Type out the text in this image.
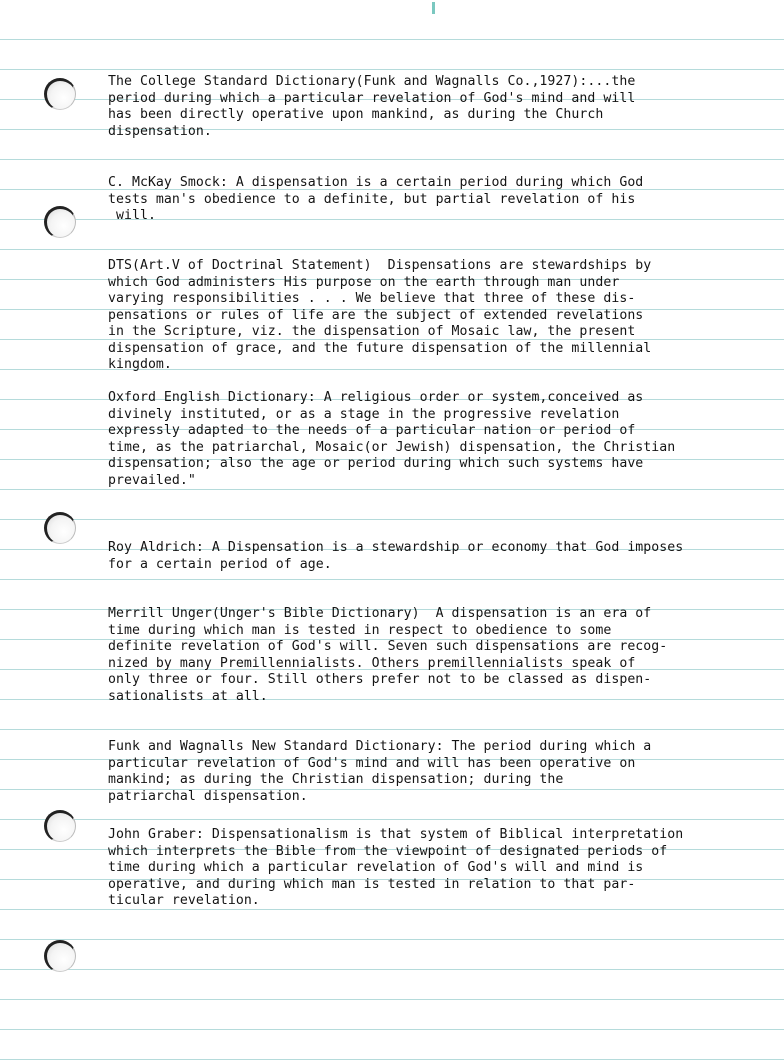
The College Standard Dictionary(Funk and Wagnalls Co.,1927):...the
period during which a particular revelation of God's mind and will
has been directly operative upon mankind, as during the Church
dispensation.
C. McKay Smock: A dispensation is a certain period during which God
tests man's obedience to a definite, but partial revelation of his
will.
DTS(Art.V of Doctrinal Statement)  Dispensations are stewardships by
which God administers His purpose on the earth through man under
varying responsibilities . . . We believe that three of these dis-
pensations or rules of life are the subject of extended revelations
in the Scripture, viz. the dispensation of Mosaic law, the present
dispensation of grace, and the future dispensation of the millennial
kingdom.
Oxford English Dictionary: A religious order or system,conceived as
divinely instituted, or as a stage in the progressive revelation
expressly adapted to the needs of a particular nation or period of
time, as the patriarchal, Mosaic(or Jewish) dispensation, the Christian
dispensation; also the age or period during which such systems have
prevailed."
Roy Aldrich: A Dispensation is a stewardship or economy that God imposes
for a certain period of age.
Merrill Unger(Unger's Bible Dictionary)  A dispensation is an era of
time during which man is tested in respect to obedience to some
definite revelation of God's will. Seven such dispensations are recog-
nized by many Premillennialists. Others premillennialists speak of
only three or four. Still others prefer not to be classed as dispen-
sationalists at all.
Funk and Wagnalls New Standard Dictionary: The period during which a
particular revelation of God's mind and will has been operative on
mankind; as during the Christian dispensation; during the
patriarchal dispensation.
John Graber: Dispensationalism is that system of Biblical interpretation
which interprets the Bible from the viewpoint of designated periods of
time during which a particular revelation of God's will and mind is
operative, and during which man is tested in relation to that par-
ticular revelation.
